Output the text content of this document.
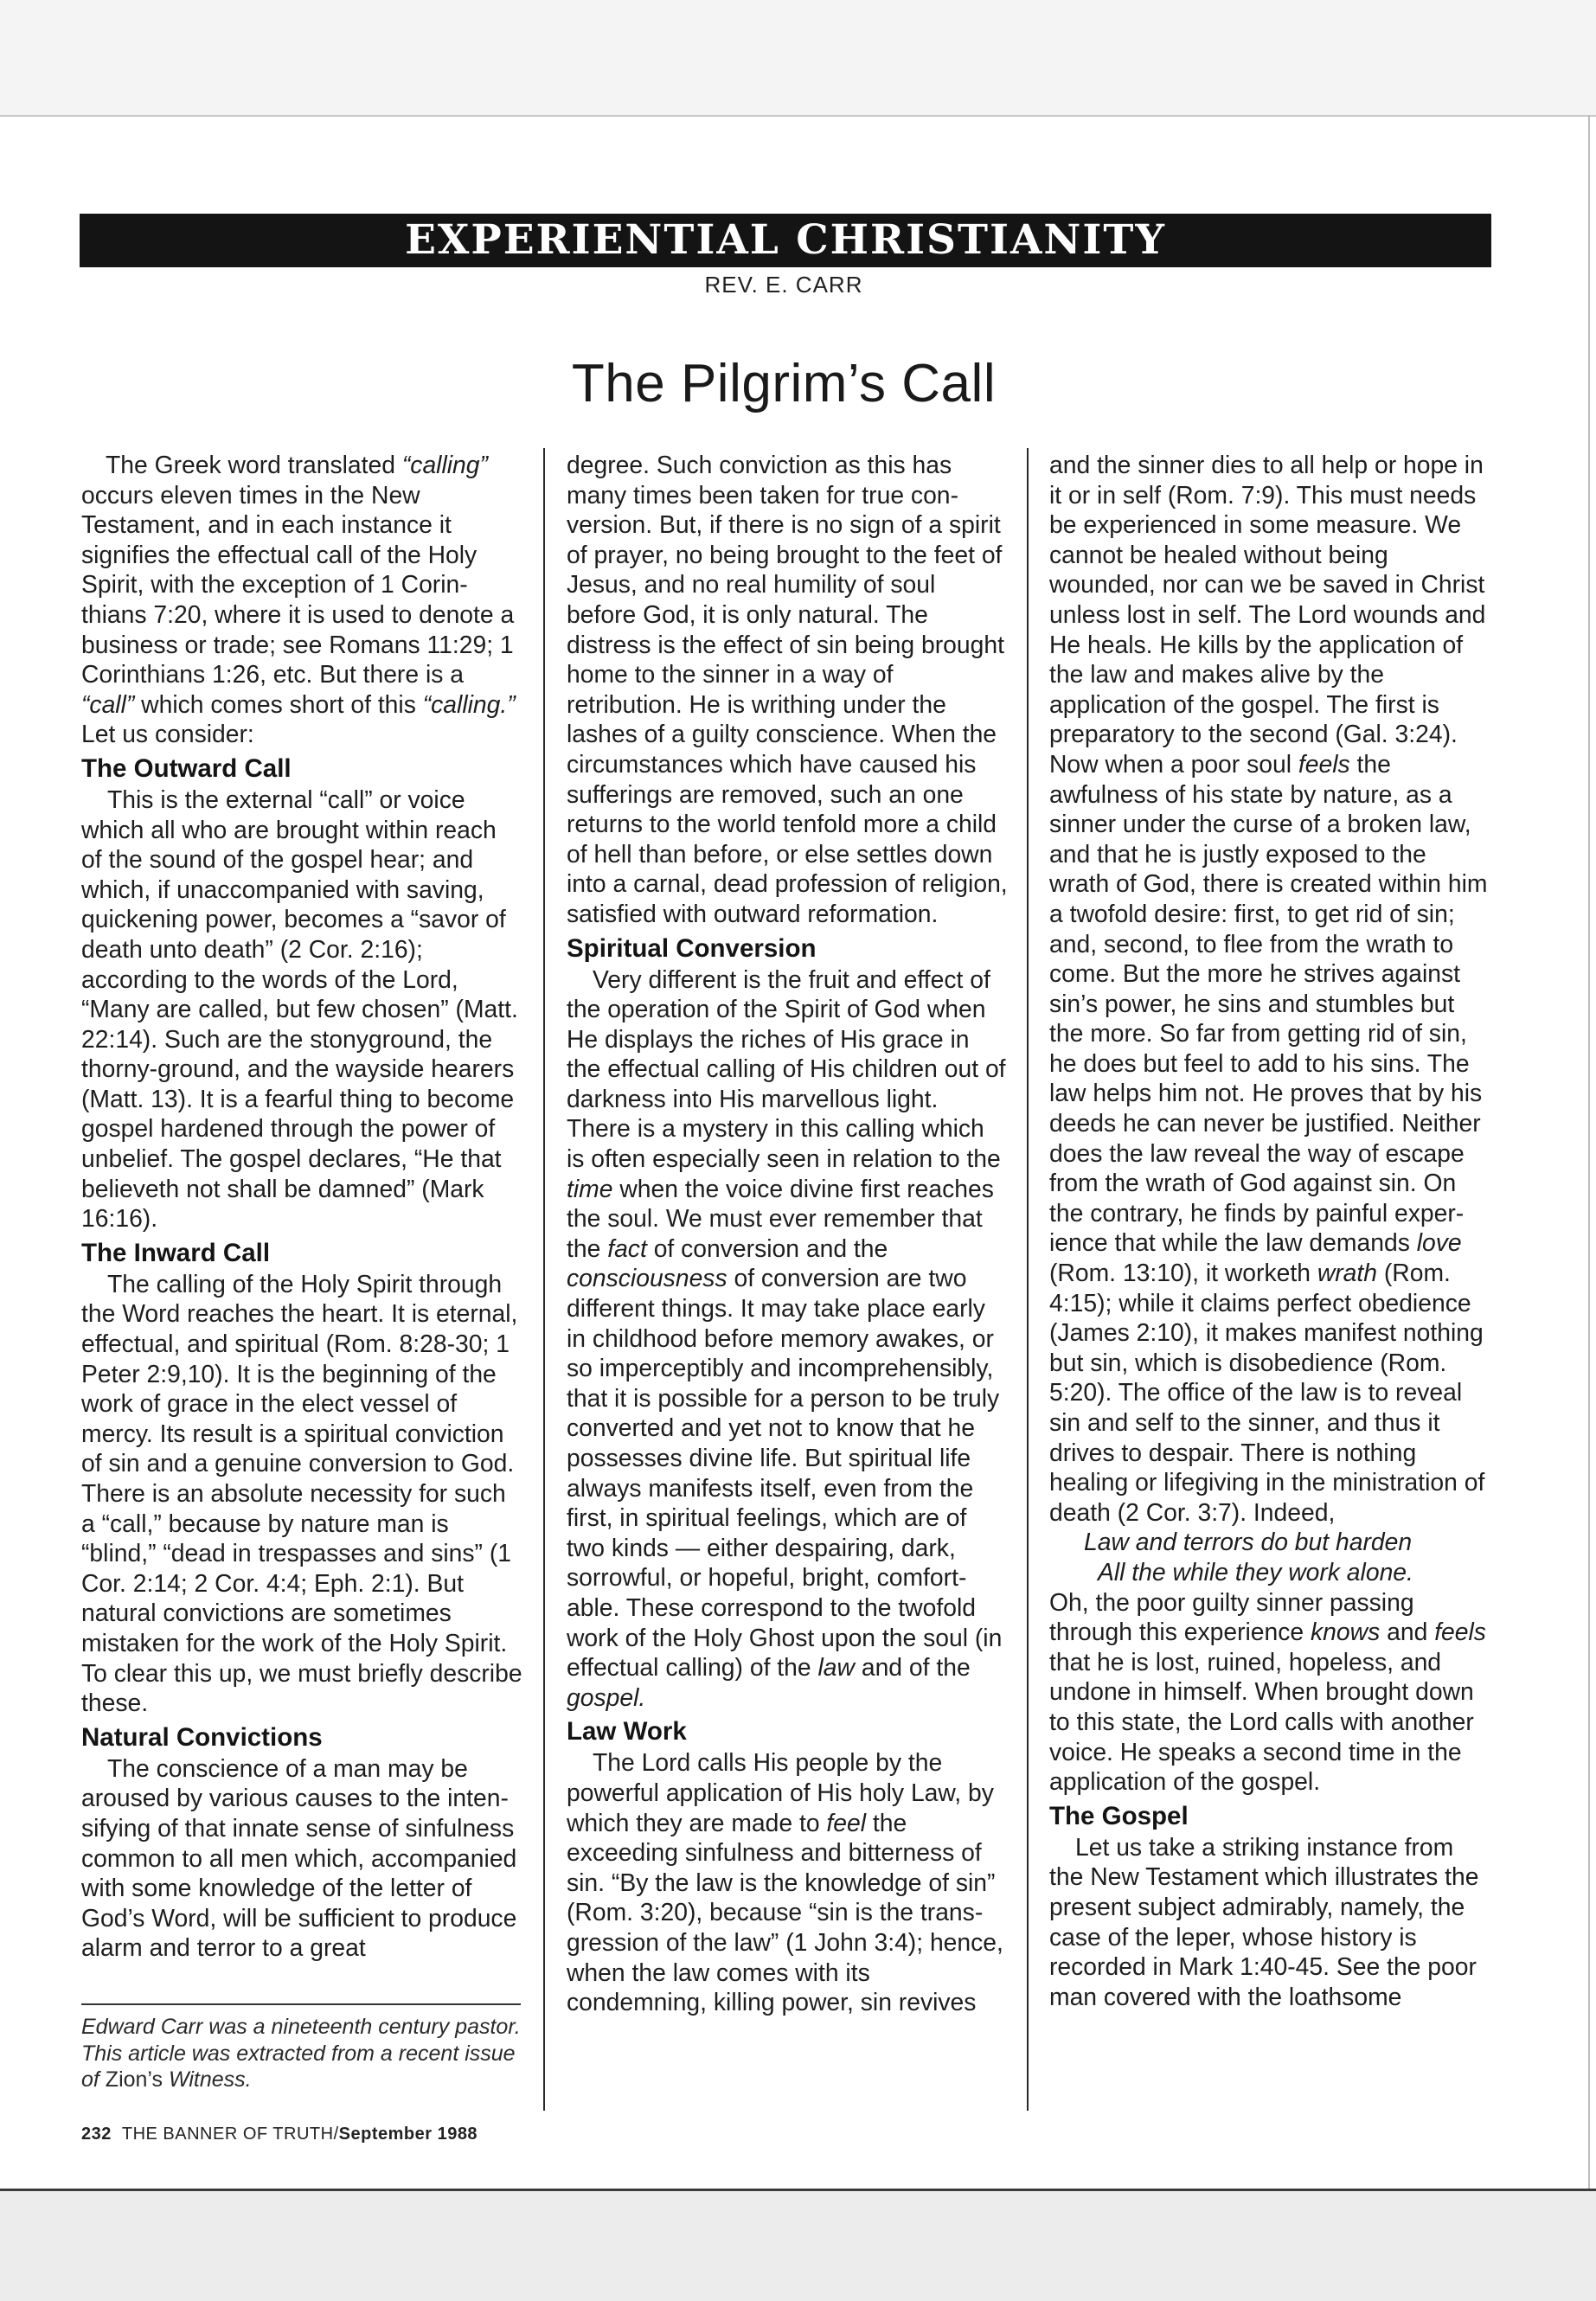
EXPERIENTIAL CHRISTIANITY
REV. E. CARR
The Pilgrim’s Call

The Greek word translated “calling” occurs eleven times in the New Testament, and in each instance it signifies the effectual call of the Holy Spirit, with the exception of 1 Corinthians 7:20, where it is used to denote a business or trade; see Romans 11:29; 1 Corinthians 1:26, etc. But there is a “call” which comes short of this “calling.” Let us consider:

The Outward Call

This is the external “call” or voice which all who are brought within reach of the sound of the gospel hear; and which, if unaccompanied with saving, quickening power, becomes a “savor of death unto death” (2 Cor. 2:16); according to the words of the Lord, “Many are called, but few chosen” (Matt. 22:14). Such are the stonyground, the thorny-ground, and the wayside hearers (Matt. 13). It is a fearful thing to become gospel hardened through the power of unbelief. The gospel declares, “He that believeth not shall be damned” (Mark 16:16).

The Inward Call

The calling of the Holy Spirit through the Word reaches the heart. It is eternal, effectual, and spiritual (Rom. 8:28-30; 1 Peter 2:9,10). It is the beginning of the work of grace in the elect vessel of mercy. Its result is a spiritual conviction of sin and a genuine conversion to God. There is an absolute necessity for such a “call,” because by nature man is “blind,” “dead in trespasses and sins” (1 Cor. 2:14; 2 Cor. 4:4; Eph. 2:1). But natural convictions are sometimes mistaken for the work of the Holy Spirit. To clear this up, we must briefly describe these.

Natural Convictions

The conscience of a man may be aroused by various causes to the intensifying of that innate sense of sinfulness common to all men which, accompanied with some knowledge of the letter of God’s Word, will be sufficient to produce alarm and terror to a great

degree. Such conviction as this has many times been taken for true conversion. But, if there is no sign of a spirit of prayer, no being brought to the feet of Jesus, and no real humility of soul before God, it is only natural. The distress is the effect of sin being brought home to the sinner in a way of retribution. He is writhing under the lashes of a guilty conscience. When the circumstances which have caused his sufferings are removed, such an one returns to the world tenfold more a child of hell than before, or else settles down into a carnal, dead profession of religion, satisfied with outward reformation.

Spiritual Conversion

Very different is the fruit and effect of the operation of the Spirit of God when He displays the riches of His grace in the effectual calling of His children out of darkness into His marvellous light. There is a mystery in this calling which is often especially seen in relation to the time when the voice divine first reaches the soul. We must ever remember that the fact of conversion and the consciousness of conversion are two different things. It may take place early in childhood before memory awakes, or so imperceptibly and incomprehensibly, that it is possible for a person to be truly converted and yet not to know that he possesses divine life. But spiritual life always manifests itself, even from the first, in spiritual feelings, which are of two kinds — either despairing, dark, sorrowful, or hopeful, bright, comfortable. These correspond to the twofold work of the Holy Ghost upon the soul (in effectual calling) of the law and of the gospel.

Law Work

The Lord calls His people by the powerful application of His holy Law, by which they are made to feel the exceeding sinfulness and bitterness of sin. “By the law is the knowledge of sin” (Rom. 3:20), because “sin is the transgression of the law” (1 John 3:4); hence, when the law comes with its condemning, killing power, sin revives

and the sinner dies to all help or hope in it or in self (Rom. 7:9). This must needs be experienced in some measure. We cannot be healed without being wounded, nor can we be saved in Christ unless lost in self. The Lord wounds and He heals. He kills by the application of the law and makes alive by the application of the gospel. The first is preparatory to the second (Gal. 3:24). Now when a poor soul feels the awfulness of his state by nature, as a sinner under the curse of a broken law, and that he is justly exposed to the wrath of God, there is created within him a twofold desire: first, to get rid of sin; and, second, to flee from the wrath to come. But the more he strives against sin’s power, he sins and stumbles but the more. So far from getting rid of sin, he does but feel to add to his sins. The law helps him not. He proves that by his deeds he can never be justified. Neither does the law reveal the way of escape from the wrath of God against sin. On the contrary, he finds by painful experience that while the law demands love (Rom. 13:10), it worketh wrath (Rom. 4:15); while it claims perfect obedience (James 2:10), it makes manifest nothing but sin, which is disobedience (Rom. 5:20). The office of the law is to reveal sin and self to the sinner, and thus it drives to despair. There is nothing healing or lifegiving in the ministration of death (2 Cor. 3:7). Indeed,

Law and terrors do but harden
All the while they work alone.

Oh, the poor guilty sinner passing through this experience knows and feels that he is lost, ruined, hopeless, and undone in himself. When brought down to this state, the Lord calls with another voice. He speaks a second time in the application of the gospel.

The Gospel

Let us take a striking instance from the New Testament which illustrates the present subject admirably, namely, the case of the leper, whose history is recorded in Mark 1:40-45. See the poor man covered with the loathsome

Edward Carr was a nineteenth century pastor. This article was extracted from a recent issue of Zion’s Witness.
232 THE BANNER OF TRUTH/September 1988
